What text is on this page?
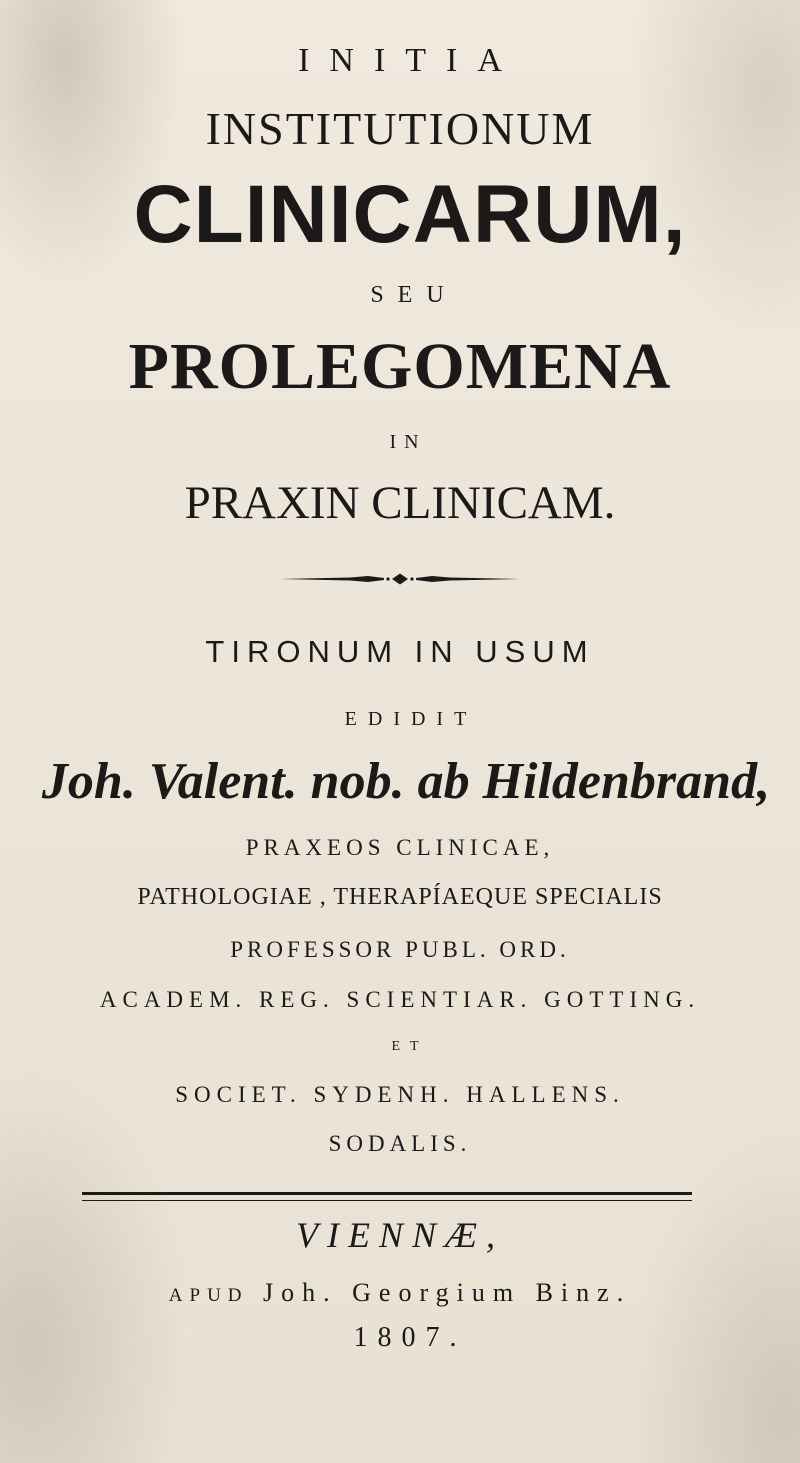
INITIA
INSTITUTIONUM
CLINICARUM,
SEU
PROLEGOMENA
IN
PRAXIN CLINICAM.
TIRONUM IN USUM
EDIDIT
Joh. Valent. nob. ab Hildenbrand,
PRAXEOS CLINICAE,
PATHOLOGIAE , THERAPÍAEQUE SPECIALIS
PROFESSOR PUBL. ORD.
ACADEM. REG. SCIENTIAR. GOTTING.
ET
SOCIET. SYDENH. HALLENS.
SODALIS.
VIENNÆ,
APUD Joh. Georgium Binz.
1807.
